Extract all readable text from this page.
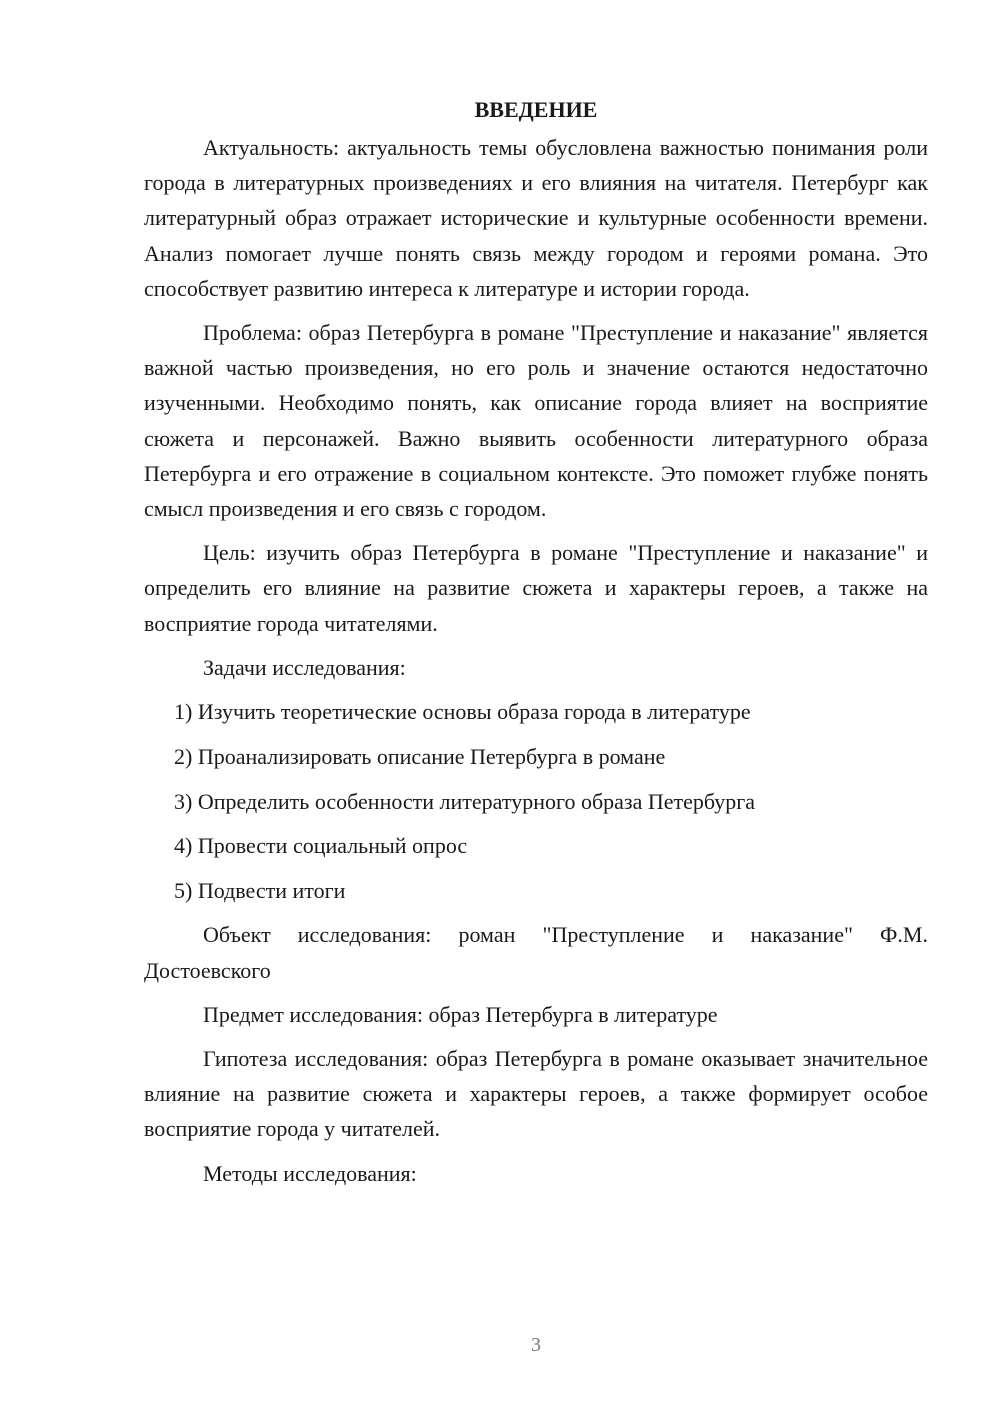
ВВЕДЕНИЕ

Актуальность: актуальность темы обусловлена важностью понимания роли города в литературных произведениях и его влияния на читателя. Петербург как литературный образ отражает исторические и культурные особенности времени. Анализ помогает лучше понять связь между городом и героями романа. Это способствует развитию интереса к литературе и истории города.

Проблема: образ Петербурга в романе "Преступление и наказание" является важной частью произведения, но его роль и значение остаются недостаточно изученными. Необходимо понять, как описание города влияет на восприятие сюжета и персонажей. Важно выявить особенности литературного образа Петербурга и его отражение в социальном контексте. Это поможет глубже понять смысл произведения и его связь с городом.

Цель: изучить образ Петербурга в романе "Преступление и наказание" и определить его влияние на развитие сюжета и характеры героев, а также на восприятие города читателями.

Задачи исследования:

1) Изучить теоретические основы образа города в литературе
2) Проанализировать описание Петербурга в романе
3) Определить особенности литературного образа Петербурга
4) Провести социальный опрос
5) Подвести итоги

Объект исследования: роман "Преступление и наказание" Ф.М. Достоевского

Предмет исследования: образ Петербурга в литературе

Гипотеза исследования: образ Петербурга в романе оказывает значительное влияние на развитие сюжета и характеры героев, а также формирует особое восприятие города у читателей.

Методы исследования:

3
